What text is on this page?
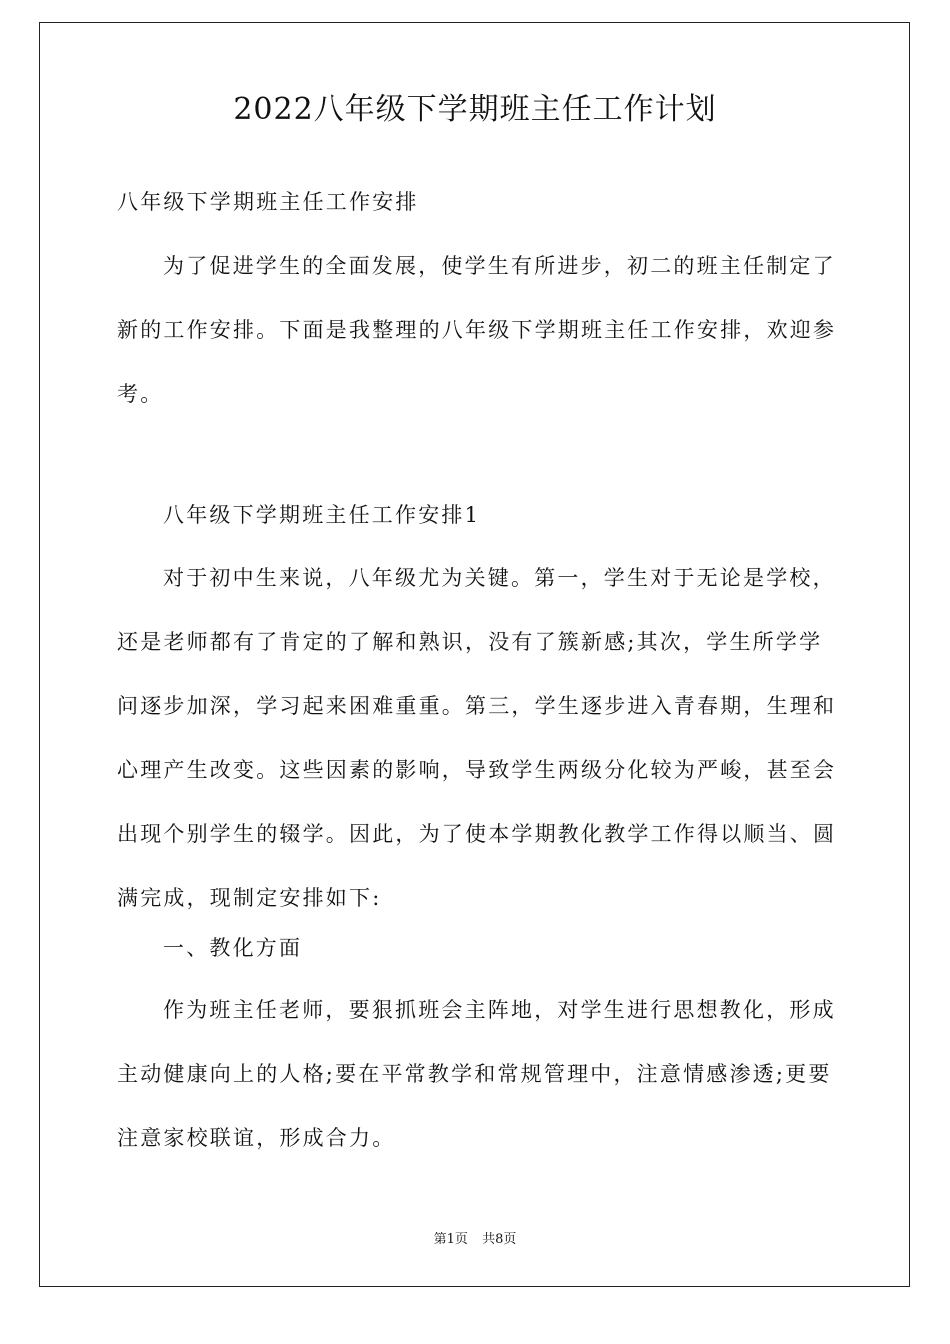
2022八年级下学期班主任工作计划

八年级下学期班主任工作安排

为了促进学生的全面发展，使学生有所进步，初二的班主任制定了新的工作安排。下面是我整理的八年级下学期班主任工作安排，欢迎参考。

八年级下学期班主任工作安排1

对于初中生来说，八年级尤为关键。第一，学生对于无论是学校，还是老师都有了肯定的了解和熟识，没有了簇新感;其次，学生所学学问逐步加深，学习起来困难重重。第三，学生逐步进入青春期，生理和心理产生改变。这些因素的影响，导致学生两级分化较为严峻，甚至会出现个别学生的辍学。因此，为了使本学期教化教学工作得以顺当、圆满完成，现制定安排如下:

一、教化方面

作为班主任老师，要狠抓班会主阵地，对学生进行思想教化，形成主动健康向上的人格;要在平常教学和常规管理中，注意情感渗透;更要注意家校联谊，形成合力。

第1页 共8页
